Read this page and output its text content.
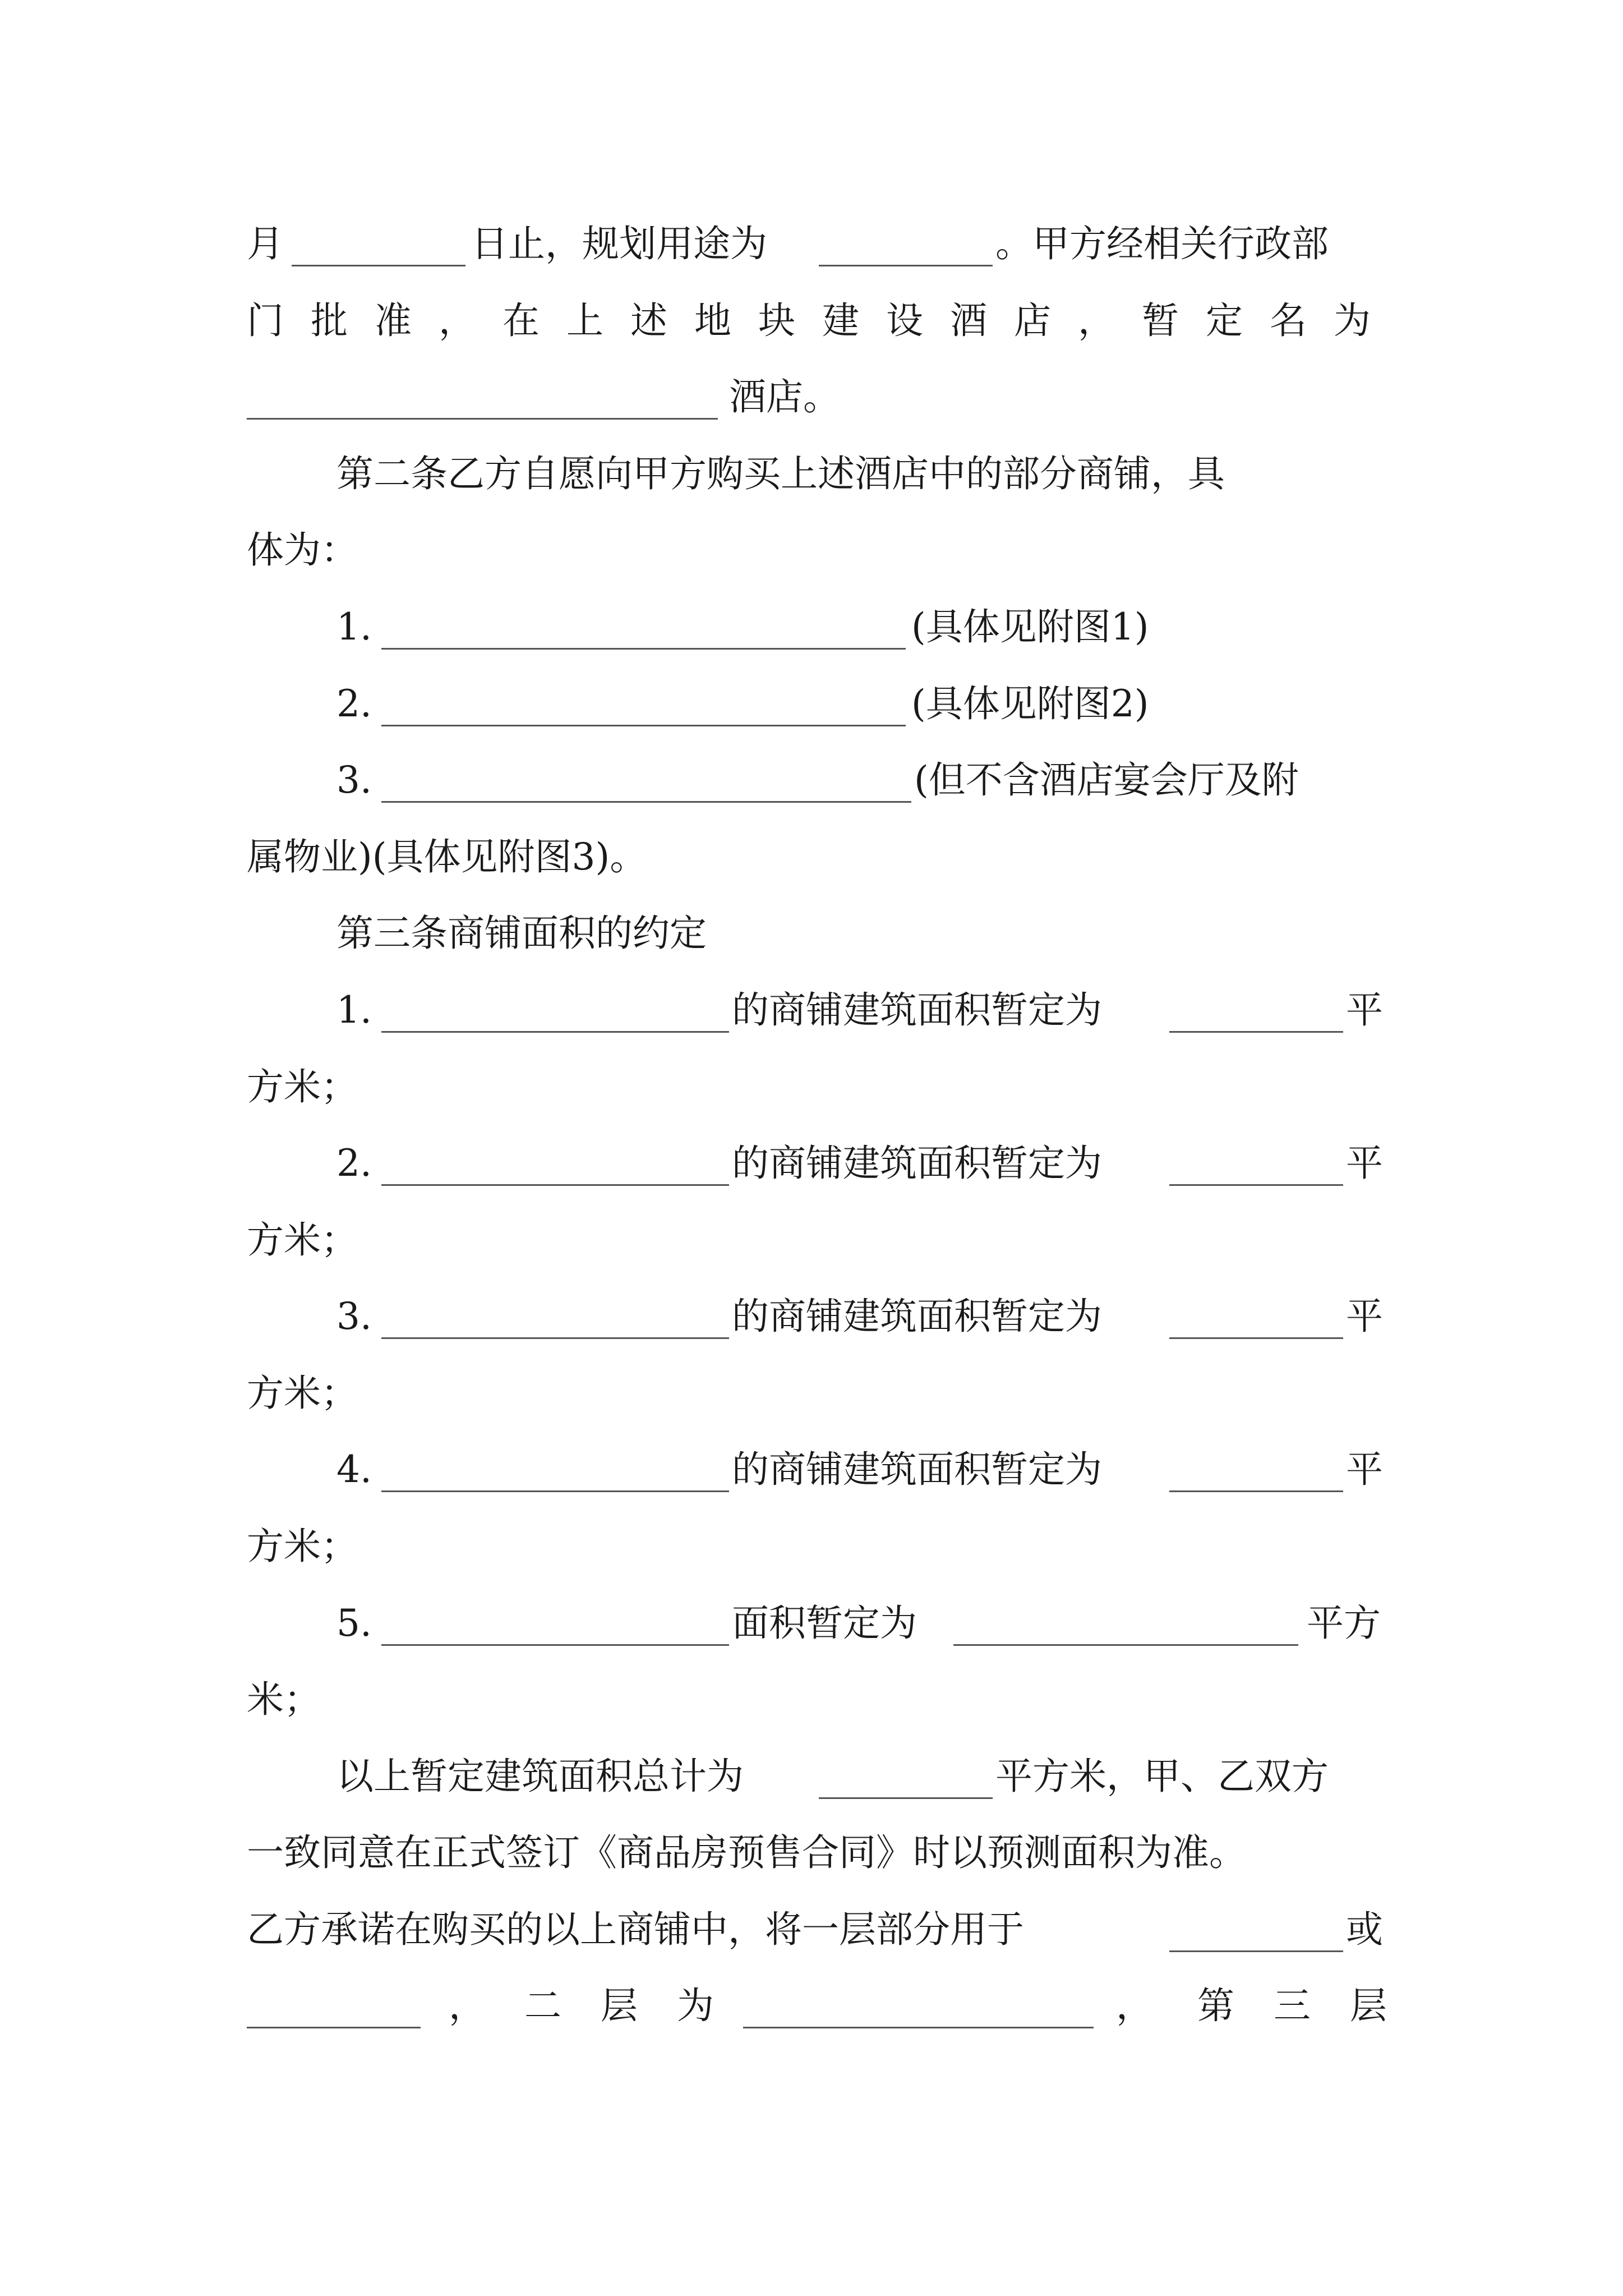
月	日止，规划用途为	。甲方经相关行政部
门批准，在上述地块建设酒店，暂定名为
酒店。
第二条乙方自愿向甲方购买上述酒店中的部分商铺，具
体为：
1.	(具体见附图1)
2.	(具体见附图2)
3.	(但不含酒店宴会厅及附
属物业)(具体见附图3)。
第三条商铺面积的约定
1.	的商铺建筑面积暂定为	平
方米；
2.	的商铺建筑面积暂定为	平
方米；
3.	的商铺建筑面积暂定为	平
方米；
4.	的商铺建筑面积暂定为	平
方米；
5.	面积暂定为	平方
米；
以上暂定建筑面积总计为	平方米，甲、乙双方
一致同意在正式签订《商品房预售合同》时以预测面积为准。
乙方承诺在购买的以上商铺中，将一层部分用于	或
， 二层为	， 第三层
